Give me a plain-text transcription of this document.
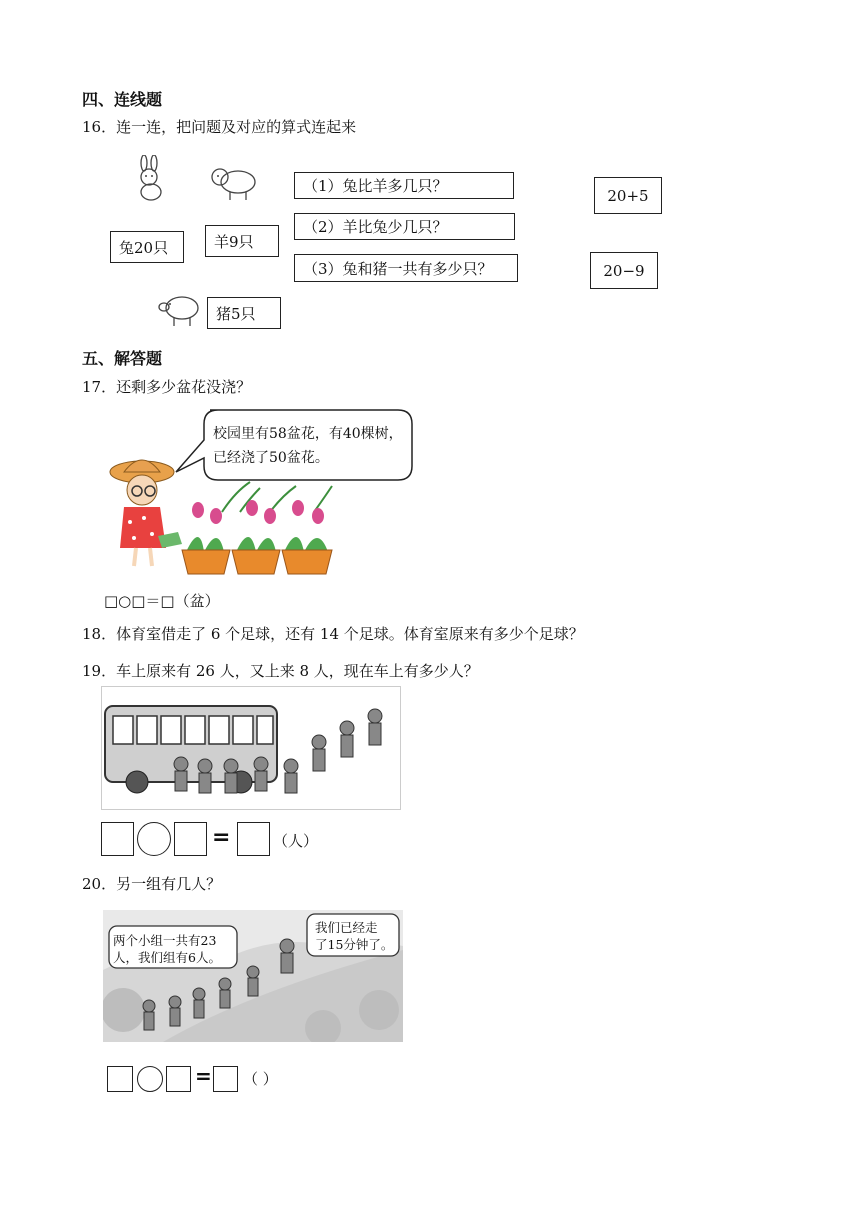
四、连线题
16．连一连，把问题及对应的算式连起来
兔20只	羊9只
猪5只
（1）兔比羊多几只？
（2）羊比兔少几只？
（3）兔和猪一共有多少只？
20+5
20−9
五、解答题
17．还剩多少盆花没浇？
校园里有58盆花，有40棵树，
已经浇了50盆花。
□○□＝□（盆）
18．体育室借走了 6 个足球，还有 14 个足球。体育室原来有多少个足球？
19．车上原来有 26 人，又上来 8 人，现在车上有多少人？
=	（人）
20．另一组有几人？
两个小组一共有23
人，我们组有6人。
我们已经走
了15分钟了。
= （ ）
